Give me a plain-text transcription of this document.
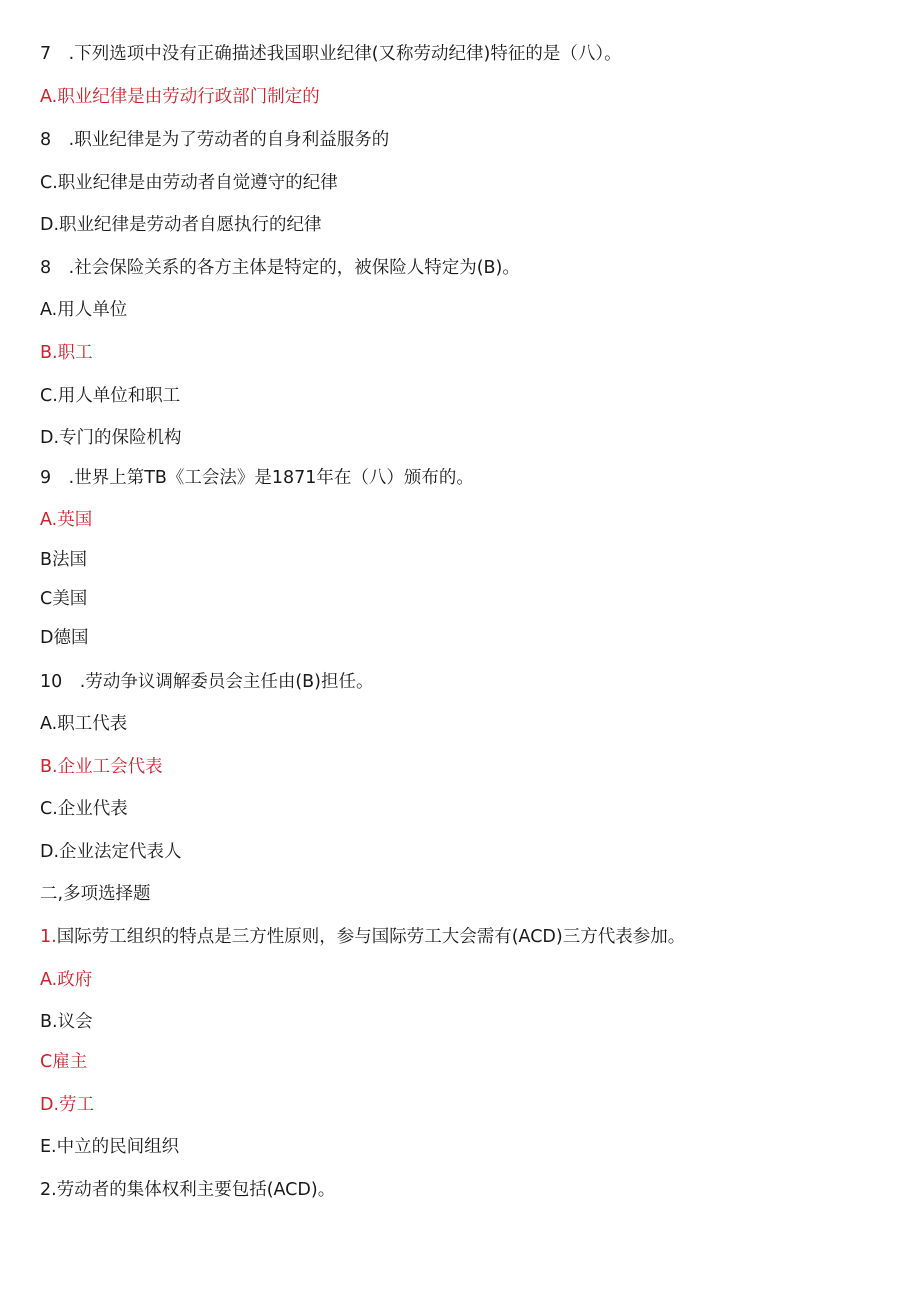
7　.下列选项中没有正确描述我国职业纪律(又称劳动纪律)特征的是（八）。
A.职业纪律是由劳动行政部门制定的
8　.职业纪律是为了劳动者的自身利益服务的
C.职业纪律是由劳动者自觉遵守的纪律
D.职业纪律是劳动者自愿执行的纪律
8　.社会保险关系的各方主体是特定的，被保险人特定为(B)。
A.用人单位
B.职工
C.用人单位和职工
D.专门的保险机构
9　.世界上第TB《工会法》是1871年在（八）颁布的。
A.英国
B法国
C美国
D德国
10　.劳动争议调解委员会主任由(B)担任。
A.职工代表
B.企业工会代表
C.企业代表
D.企业法定代表人
二,多项选择题
1.国际劳工组织的特点是三方性原则，参与国际劳工大会需有(ACD)三方代表参加。
A.政府
B.议会
C雇主
D.劳工
E.中立的民间组织
2.劳动者的集体权利主要包括(ACD)。
